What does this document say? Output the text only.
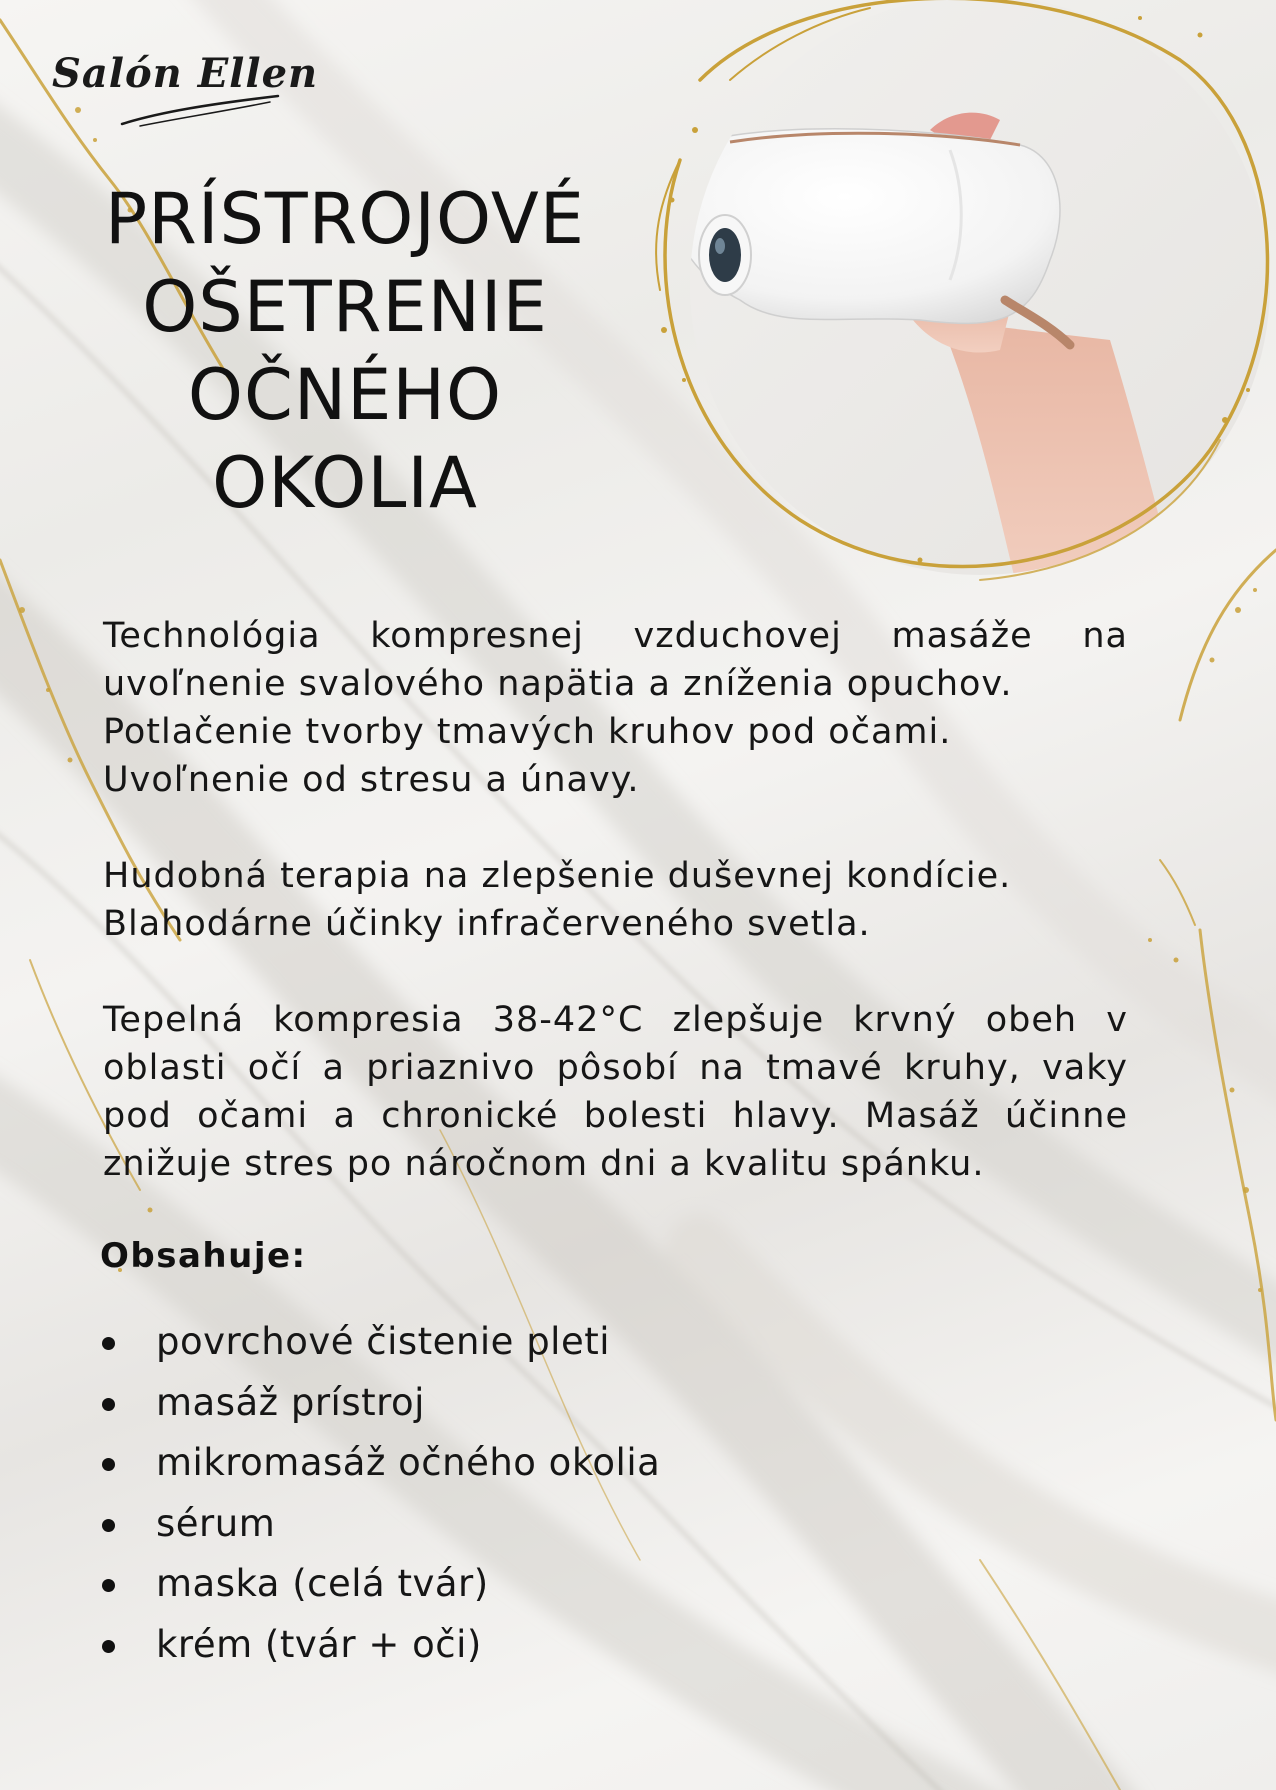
Salón Ellen
PRÍSTROJOVÉ
OŠETRENIE
OČNÉHO
OKOLIA
Technológia kompresnej vzduchovej masáže na uvoľnenie svalového napätia a zníženia opuchov.
Potlačenie tvorby tmavých kruhov pod očami.
Uvoľnenie od stresu a únavy.
Hudobná terapia na zlepšenie duševnej kondície.
Blahodárne účinky infračerveného svetla.
Tepelná kompresia 38-42°C zlepšuje krvný obeh v oblasti očí a priaznivo pôsobí na tmavé kruhy, vaky pod očami a chronické bolesti hlavy. Masáž účinne znižuje stres po náročnom dni a kvalitu spánku.
Obsahuje:
povrchové čistenie pleti
masáž prístroj
mikromasáž očného okolia
sérum
maska (celá tvár)
krém (tvár + oči)
